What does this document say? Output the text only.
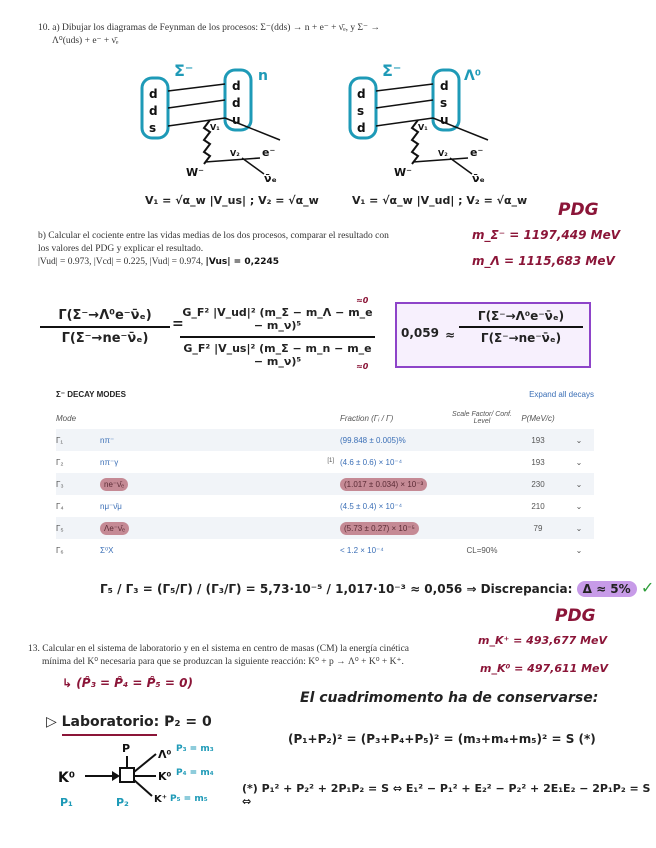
10. a) Dibujar los diagramas de Feynman de los procesos: Σ⁻(dds) → n + e⁻ + ν̄ₑ, y Σ⁻ →
Λ⁰(uds) + e⁻ + ν̄ₑ
Σ⁻	n
d
d
s
d
d
u
V₁
V₂
W⁻
e⁻
ν̄ₑ
Σ⁻	Λ⁰
d
s
d
d
s
u
V₁
V₂
W⁻
e⁻
ν̄ₑ
V₁ = √α_w |V_us| ; V₂ = √α_w	V₁ = √α_w |V_ud| ; V₂ = √α_w PDG
m_Σ⁻ = 1197,449 MeV
m_Λ = 1115,683 MeV
b) Calcular el cociente entre las vidas medias de los dos procesos, comparar el resultado con
los valores del PDG y explicar el resultado.
|Vud| = 0.973, |Vcd| = 0.225, |Vud| = 0.974, |Vus| = 0,2245
Γ(Σ⁻→Λ⁰e⁻ν̄ₑ)
Γ(Σ⁻→ne⁻ν̄ₑ)
=
G_F² |V_ud|² (m_Σ − m_Λ − m_e − m_ν)⁵
G_F² |V_us|² (m_Σ − m_n − m_e − m_ν)⁵
≈0
≈0
0,059 ≈
Γ(Σ⁻→Λ⁰e⁻ν̄ₑ)
Γ(Σ⁻→ne⁻ν̄ₑ)
Σ⁻ DECAY MODES	Expand all decays
Mode		Fraction (Γᵢ / Γ)	Scale Factor/ Conf. Level	P(MeV/c)	
Γ₁	nπ⁻	(99.848 ± 0.005)%		193	⌄
Γ₂	nπ⁻γ [1]	(4.6 ± 0.6) × 10⁻⁴		193	⌄
Γ₃	ne⁻ν̄ₑ	(1.017 ± 0.034) × 10⁻³		230	⌄
Γ₄	nμ⁻ν̄μ	(4.5 ± 0.4) × 10⁻⁴		210	⌄
Γ₅	Λe⁻ν̄ₑ	(5.73 ± 0.27) × 10⁻⁵		79	⌄
Γ₆	Σ⁰X	< 1.2 × 10⁻⁴	CL=90%		⌄
Γ₅ / Γ₃ = (Γ₅/Γ) / (Γ₃/Γ) = 5,73·10⁻⁵ / 1,017·10⁻³ ≈ 0,056 ⇒ Discrepancia: Δ ≈ 5% ✓
PDG
13. Calcular en el sistema de laboratorio y en el sistema en centro de masas (CM) la energía cinética
mínima del K⁰ necesaria para que se produzcan la siguiente reacción: K⁰ + p → Λ⁰ + K⁰ + K⁺.
m_K⁺ = 493,677 MeV
m_K⁰ = 497,611 MeV
↳ (P̂₃ = P̂₄ = P̂₅ = 0)
▷ Laboratorio: P₂ = 0
El cuadrimomento ha de conservarse:
(P₁+P₂)² = (P₃+P₄+P₅)² = (m₃+m₄+m₅)² = S (*)
(*) P₁² + P₂² + 2P₁P₂ = S ⇔ E₁² − P₁² + E₂² − P₂² + 2E₁E₂ − 2P₁P₂ = S ⇔
K⁰
P	Λ⁰
K⁰
K⁺
P₁	P₂
P₃ = m₃
P₄ = m₄
P₅ = m₅
